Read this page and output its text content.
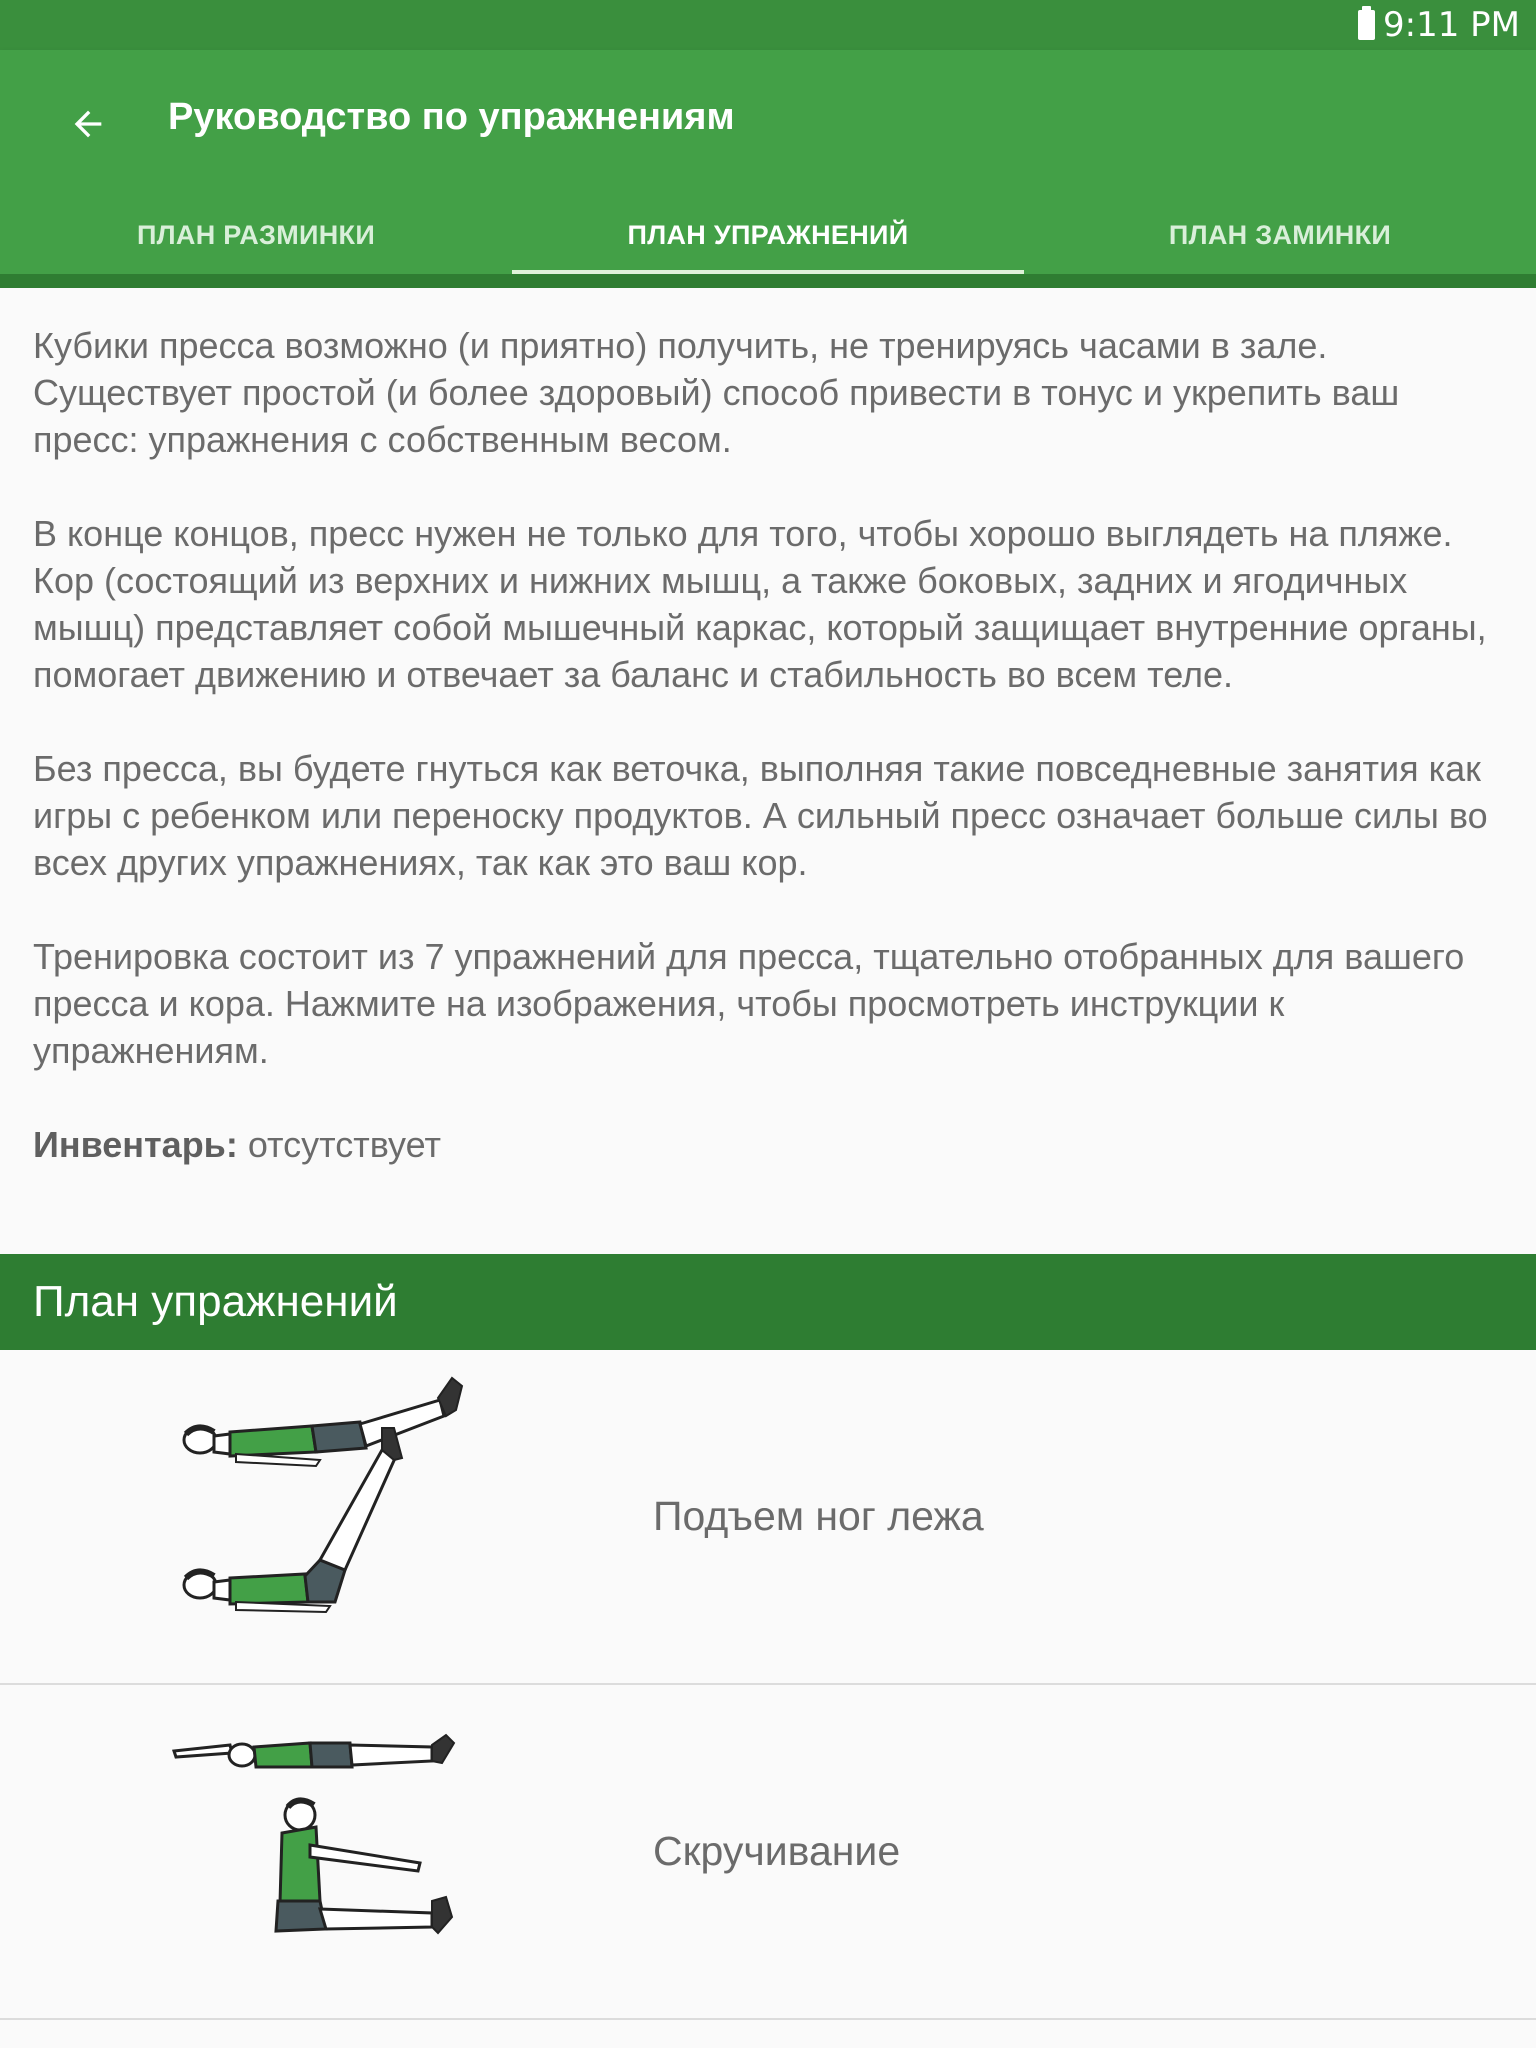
9:11 PM
Руководство по упражнениям
ПЛАН РАЗМИНКИ	ПЛАН УПРАЖНЕНИЙ	ПЛАН ЗАМИНКИ

Кубики пресса возможно (и приятно) получить, не тренируясь часами в зале. Существует простой (и более здоровый) способ привести в тонус и укрепить ваш пресс: упражнения с собственным весом.

В конце концов, пресс нужен не только для того, чтобы хорошо выглядеть на пляже. Кор (состоящий из верхних и нижних мышц, а также боковых, задних и ягодичных мышц) представляет собой мышечный каркас, который защищает внутренние органы, помогает движению и отвечает за баланс и стабильность во всем теле.

Без пресса, вы будете гнуться как веточка, выполняя такие повседневные занятия как игры с ребенком или переноску продуктов. А сильный пресс означает больше силы во всех других упражнениях, так как это ваш кор.

Тренировка состоит из 7 упражнений для пресса, тщательно отобранных для вашего пресса и кора. Нажмите на изображения, чтобы просмотреть инструкции к упражнениям.

Инвентарь: отсутствует

План упражнений
Подъем ног лежа
Скручивание
